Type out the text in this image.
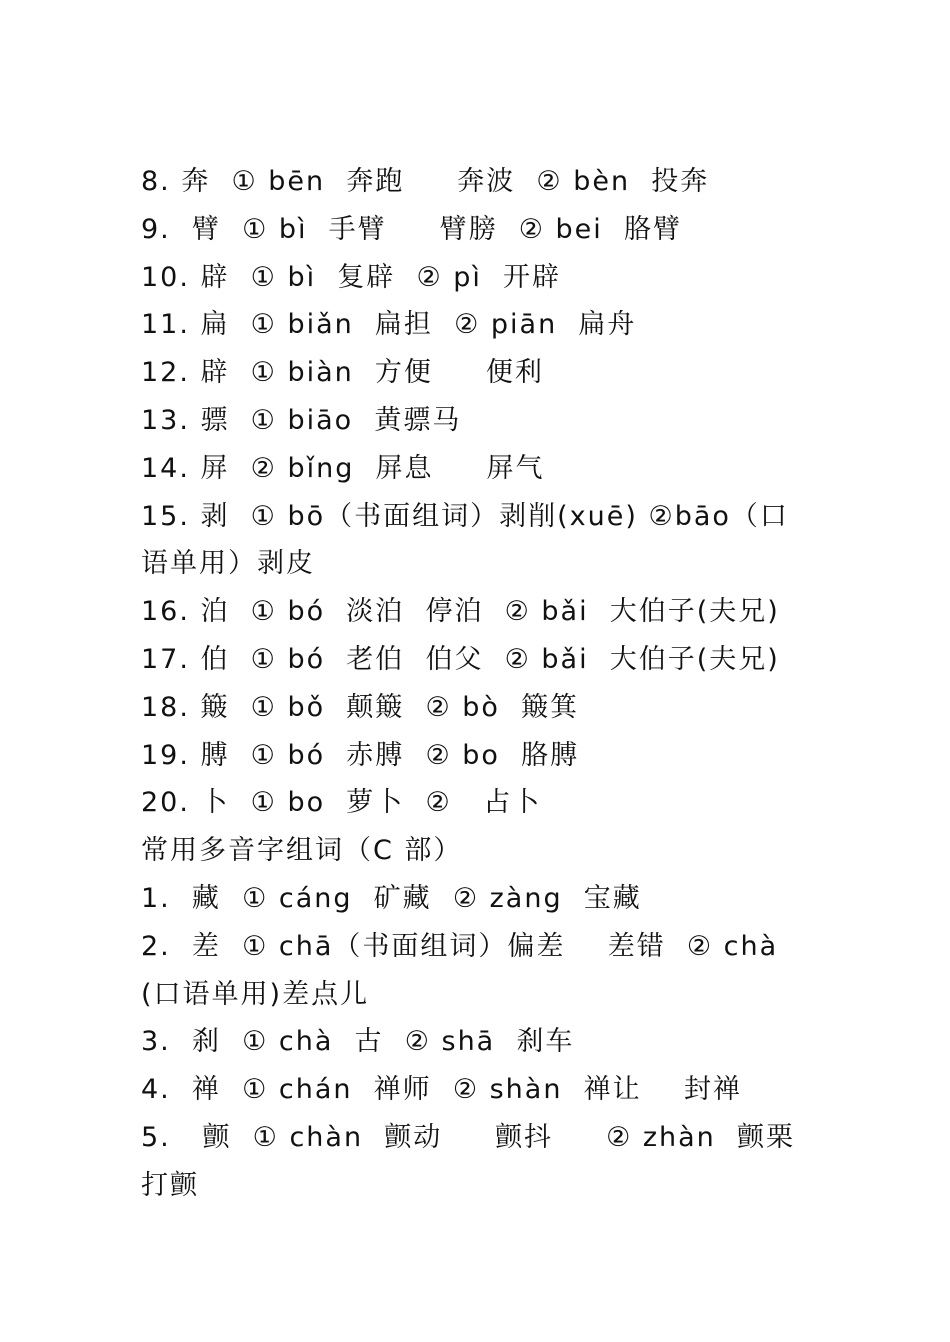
8. 奔  ① bēn  奔跑     奔波  ② bèn  投奔
9.  臂  ① bì  手臂     臂膀  ② bei  胳臂
10. 辟  ① bì  复辟  ② pì  开辟
11. 扁  ① biǎn  扁担  ② piān  扁舟
12. 辟  ① biàn  方便     便利
13. 骠  ① biāo  黄骠马
14. 屏  ② bǐng  屏息     屏气
15. 剥  ① bō（书面组词）剥削(xuē) ②bāo（口
语单用）剥皮
16. 泊  ① bó  淡泊  停泊  ② bǎi  大伯子(夫兄)
17. 伯  ① bó  老伯  伯父  ② bǎi  大伯子(夫兄)
18. 簸  ① bǒ  颠簸  ② bò  簸箕
19. 膊  ① bó  赤膊  ② bo  胳膊
20. 卜  ① bo  萝卜  ②   占卜
常用多音字组词（C 部）
1.  藏  ① cáng  矿藏  ② zàng  宝藏
2.  差  ① chā（书面组词）偏差    差错  ② chà
(口语单用)差点儿
3.  刹  ① chà  古  ② shā  刹车
4.  禅  ① chán  禅师  ② shàn  禅让    封禅
5.   颤  ① chàn  颤动     颤抖     ② zhàn  颤栗
打颤
